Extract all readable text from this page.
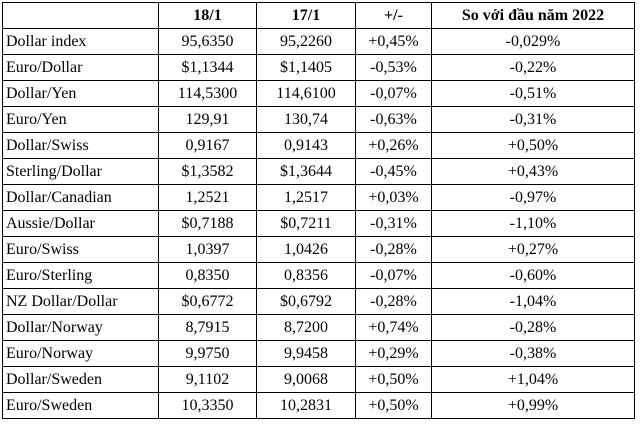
	18/1	17/1	+/-	So với đầu năm 2022
Dollar index	95,6350	95,2260	+0,45%	-0,029%
Euro/Dollar	$1,1344	$1,1405	-0,53%	-0,22%
Dollar/Yen	114,5300	114,6100	-0,07%	-0,51%
Euro/Yen	129,91	130,74	-0,63%	-0,31%
Dollar/Swiss	0,9167	0,9143	+0,26%	+0,50%
Sterling/Dollar	$1,3582	$1,3644	-0,45%	+0,43%
Dollar/Canadian	1,2521	1,2517	+0,03%	-0,97%
Aussie/Dollar	$0,7188	$0,7211	-0,31%	-1,10%
Euro/Swiss	1,0397	1,0426	-0,28%	+0,27%
Euro/Sterling	0,8350	0,8356	-0,07%	-0,60%
NZ Dollar/Dollar	$0,6772	$0,6792	-0,28%	-1,04%
Dollar/Norway	8,7915	8,7200	+0,74%	-0,28%
Euro/Norway	9,9750	9,9458	+0,29%	-0,38%
Dollar/Sweden	9,1102	9,0068	+0,50%	+1,04%
Euro/Sweden	10,3350	10,2831	+0,50%	+0,99%
